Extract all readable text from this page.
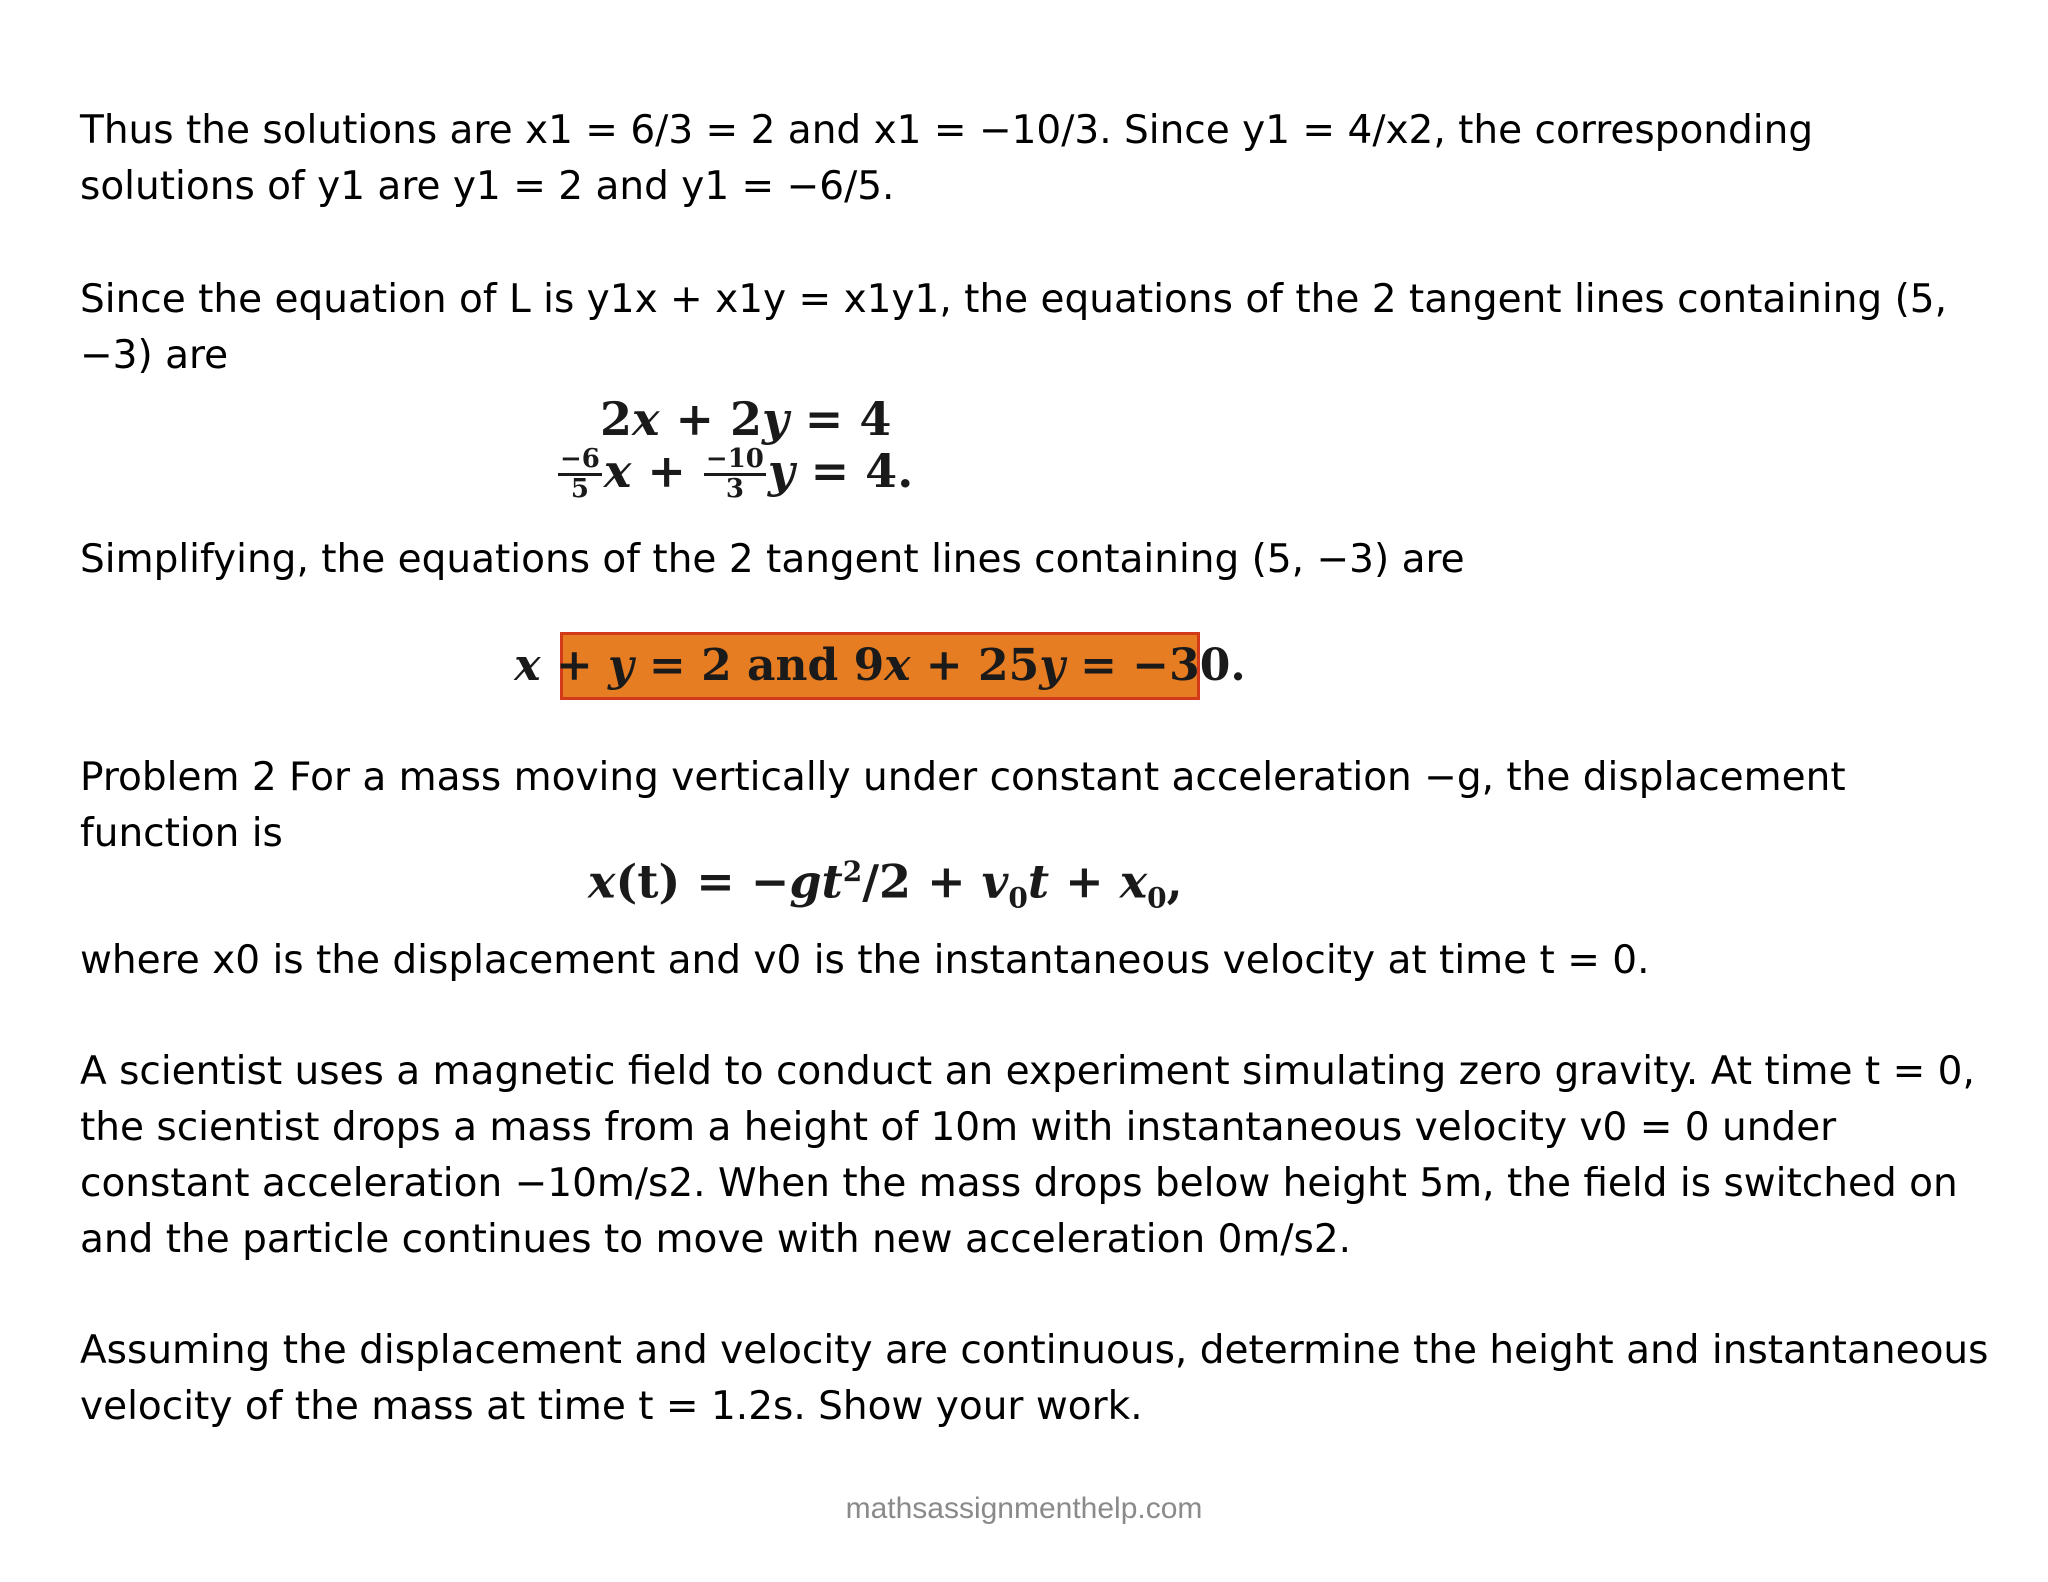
Thus the solutions are x1 = 6/3 = 2 and x1 = −10/3. Since y1 = 4/x2, the corresponding solutions of y1 are y1 = 2 and y1 = −6/5.

Since the equation of L is y1x + x1y = x1y1, the equations of the 2 tangent lines containing (5, −3) are

2x + 2y = 4
$\frac{-6}{5}$ $x + \frac{-10}{3}$ y = 4.

Simplifying, the equations of the 2 tangent lines containing (5, −3) are

x + y = 2 and 9x + 25y = −30.

Problem 2 For a mass moving vertically under constant acceleration −g, the displacement function is

$x(t) = -gt^2/2 + v_0t + x_0$,

where x0 is the displacement and v0 is the instantaneous velocity at time t = 0.

A scientist uses a magnetic field to conduct an experiment simulating zero gravity. At time t = 0, the scientist drops a mass from a height of 10m with instantaneous velocity v0 = 0 under constant acceleration −10m/s2. When the mass drops below height 5m, the field is switched on and the particle continues to move with new acceleration 0m/s2.

Assuming the displacement and velocity are continuous, determine the height and instantaneous velocity of the mass at time t = 1.2s. Show your work.

mathsassignmenthelp.com
